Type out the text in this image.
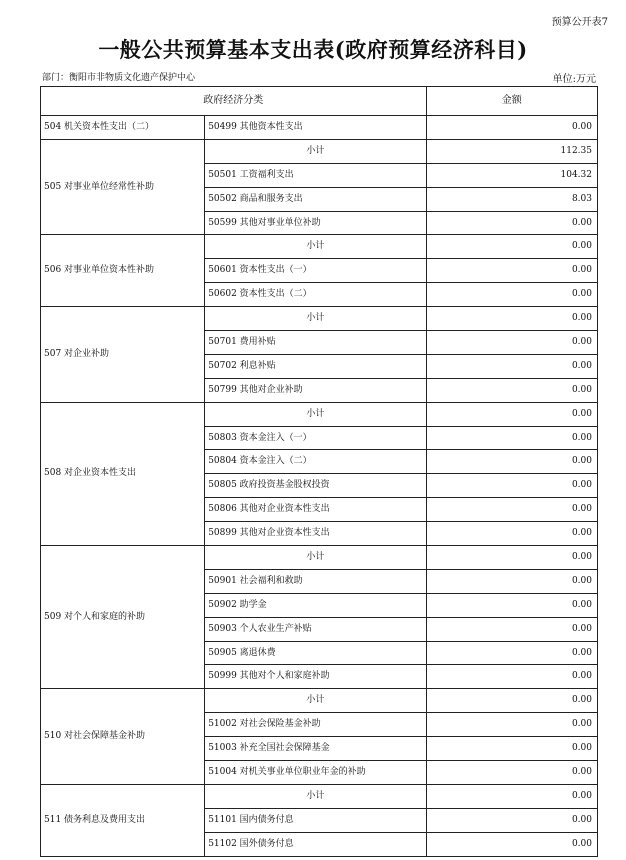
预算公开表7
一般公共预算基本支出表(政府预算经济科目)
部门：衡阳市非物质文化遗产保护中心	单位:万元
政府经济分类		金额
504 机关资本性支出（二）	50499 其他资本性支出	0.00
505 对事业单位经常性补助	小计	112.35
	50501 工资福利支出	104.32
	50502 商品和服务支出	8.03
	50599 其他对事业单位补助	0.00
506 对事业单位资本性补助	小计	0.00
	50601 资本性支出（一）	0.00
	50602 资本性支出（二）	0.00
507 对企业补助	小计	0.00
	50701 费用补贴	0.00
	50702 利息补贴	0.00
	50799 其他对企业补助	0.00
508 对企业资本性支出	小计	0.00
	50803 资本金注入（一）	0.00
	50804 资本金注入（二）	0.00
	50805 政府投资基金股权投资	0.00
	50806 其他对企业资本性支出	0.00
	50899 其他对企业资本性支出	0.00
509 对个人和家庭的补助	小计	0.00
	50901 社会福利和救助	0.00
	50902 助学金	0.00
	50903 个人农业生产补贴	0.00
	50905 离退休费	0.00
	50999 其他对个人和家庭补助	0.00
510 对社会保障基金补助	小计	0.00
	51002 对社会保险基金补助	0.00
	51003 补充全国社会保障基金	0.00
	51004 对机关事业单位职业年金的补助	0.00
511 债务利息及费用支出	小计	0.00
	51101 国内债务付息	0.00
	51102 国外债务付息	0.00
